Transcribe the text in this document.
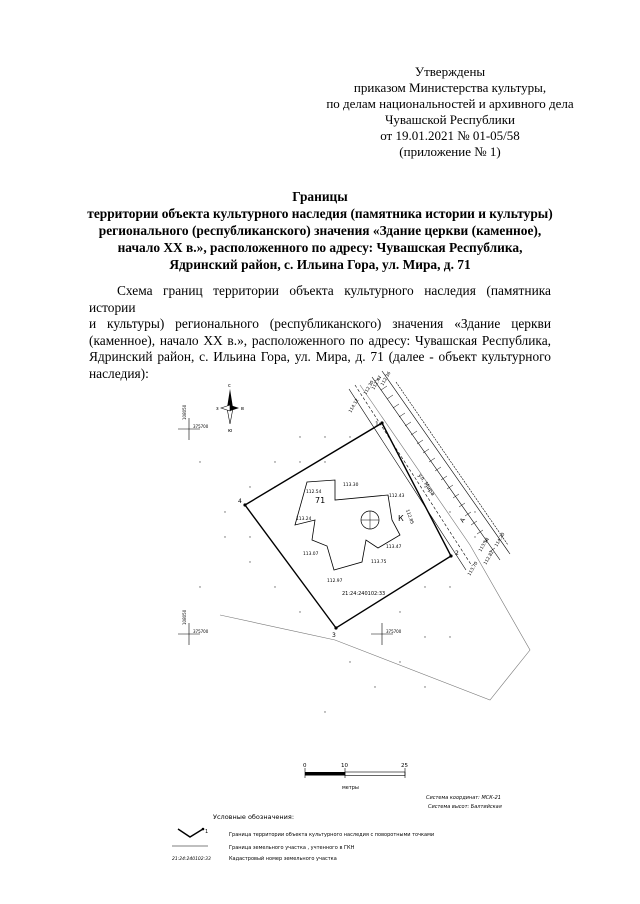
Утверждены
приказом Министерства культуры,
по делам национальностей и архивного дела
Чувашской Республики
от 19.01.2021 № 01-05/58
(приложение № 1)
Границы
территории объекта культурного наследия (памятника истории и культуры)
регионального (республиканского) значения «Здание церкви (каменное),
начало XX в.», расположенного по адресу: Чувашская Республика,
Ядринский район, с. Ильина Гора, ул. Мира, д. 71
Схема границ территории объекта культурного наследия (памятника истории
и культуры) регионального (республиканского) значения «Здание церкви
(каменное), начало XX в.», расположенного по адресу: Чувашская Республика,
Ядринский район, с. Ильина Гора, ул. Мира, д. 71 (далее - объект культурного
наследия):
1
2
3
4	71
К
21:24:240102:33
А
ул. Мира
112.54
113.30
112.43
112.85
113.24
113.47
113.07
113.75
112.97
112.30
112.47
112.36
114.12
113.58
112.82
113.70
114.20
375700
108050
375700
108050
375700
с
ю
з	в
0	10	25
метры
Система координат: МСК-21
Система высот: Балтийская
Условные обозначения:
1	Граница территории объекта культурного наследия с поворотными точками
Граница земельного участка , учтенного в ГКН
21:24:240102:33	Кадастровый номер земельного участка
